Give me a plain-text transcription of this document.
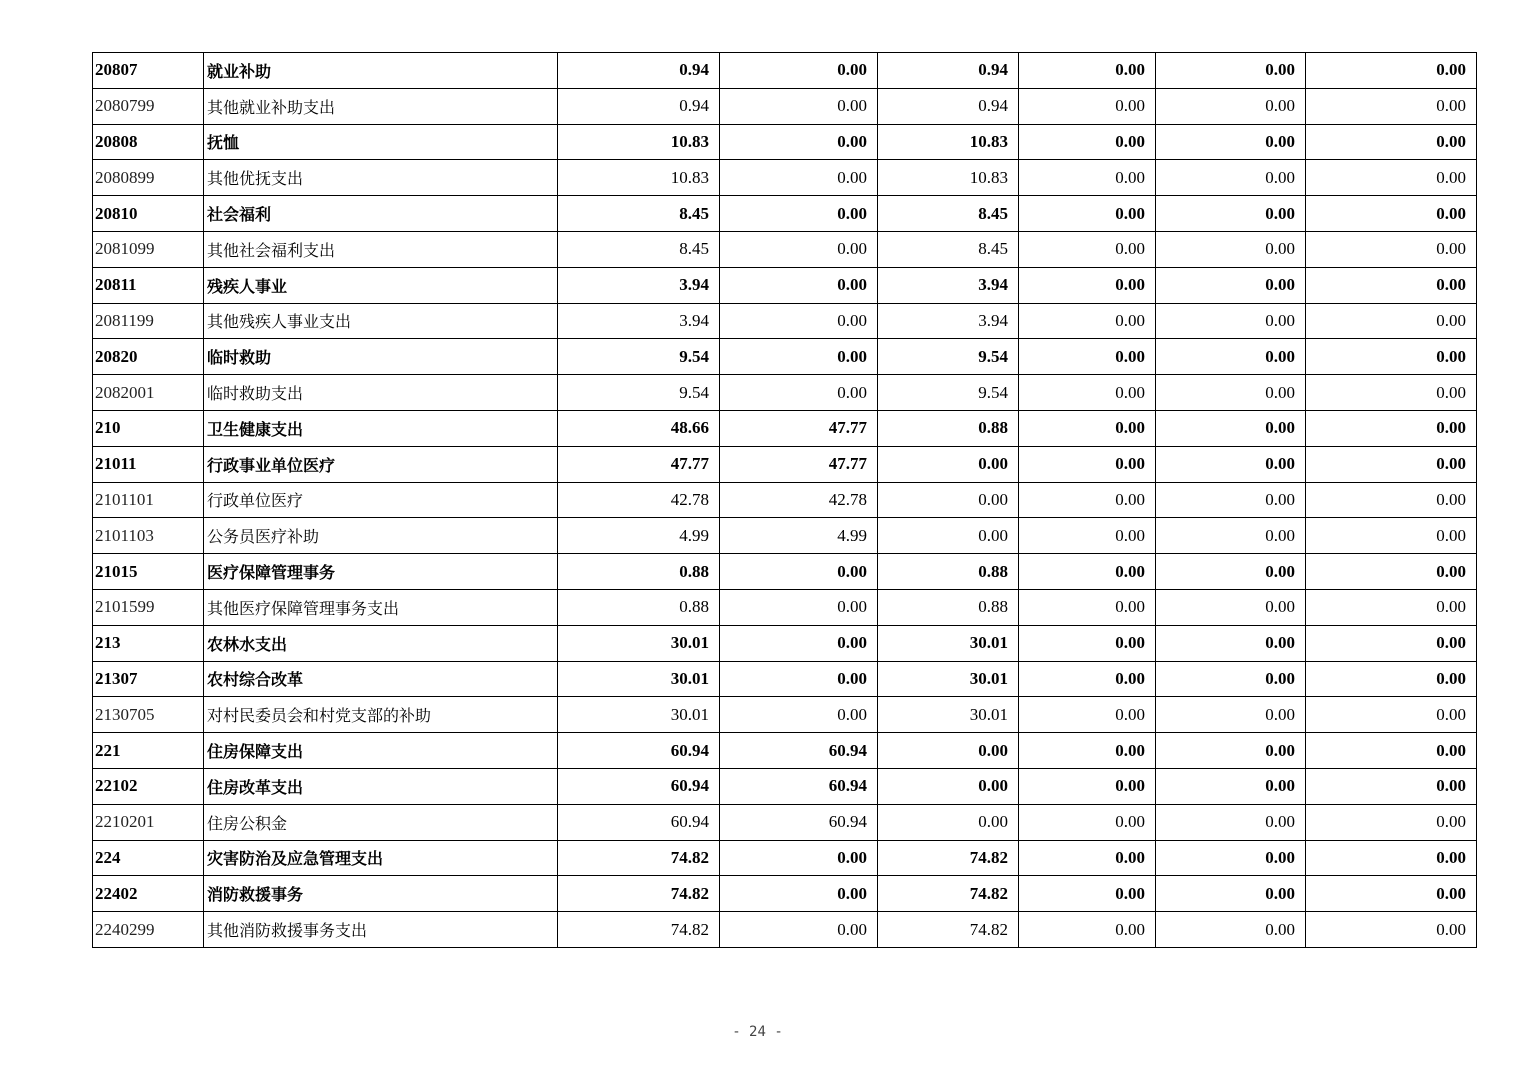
20807	就业补助	0.94	0.00	0.94	0.00	0.00	0.00
2080799	其他就业补助支出	0.94	0.00	0.94	0.00	0.00	0.00
20808	抚恤	10.83	0.00	10.83	0.00	0.00	0.00
2080899	其他优抚支出	10.83	0.00	10.83	0.00	0.00	0.00
20810	社会福利	8.45	0.00	8.45	0.00	0.00	0.00
2081099	其他社会福利支出	8.45	0.00	8.45	0.00	0.00	0.00
20811	残疾人事业	3.94	0.00	3.94	0.00	0.00	0.00
2081199	其他残疾人事业支出	3.94	0.00	3.94	0.00	0.00	0.00
20820	临时救助	9.54	0.00	9.54	0.00	0.00	0.00
2082001	临时救助支出	9.54	0.00	9.54	0.00	0.00	0.00
210	卫生健康支出	48.66	47.77	0.88	0.00	0.00	0.00
21011	行政事业单位医疗	47.77	47.77	0.00	0.00	0.00	0.00
2101101	行政单位医疗	42.78	42.78	0.00	0.00	0.00	0.00
2101103	公务员医疗补助	4.99	4.99	0.00	0.00	0.00	0.00
21015	医疗保障管理事务	0.88	0.00	0.88	0.00	0.00	0.00
2101599	其他医疗保障管理事务支出	0.88	0.00	0.88	0.00	0.00	0.00
213	农林水支出	30.01	0.00	30.01	0.00	0.00	0.00
21307	农村综合改革	30.01	0.00	30.01	0.00	0.00	0.00
2130705	对村民委员会和村党支部的补助	30.01	0.00	30.01	0.00	0.00	0.00
221	住房保障支出	60.94	60.94	0.00	0.00	0.00	0.00
22102	住房改革支出	60.94	60.94	0.00	0.00	0.00	0.00
2210201	住房公积金	60.94	60.94	0.00	0.00	0.00	0.00
224	灾害防治及应急管理支出	74.82	0.00	74.82	0.00	0.00	0.00
22402	消防救援事务	74.82	0.00	74.82	0.00	0.00	0.00
2240299	其他消防救援事务支出	74.82	0.00	74.82	0.00	0.00	0.00
- 24 -
